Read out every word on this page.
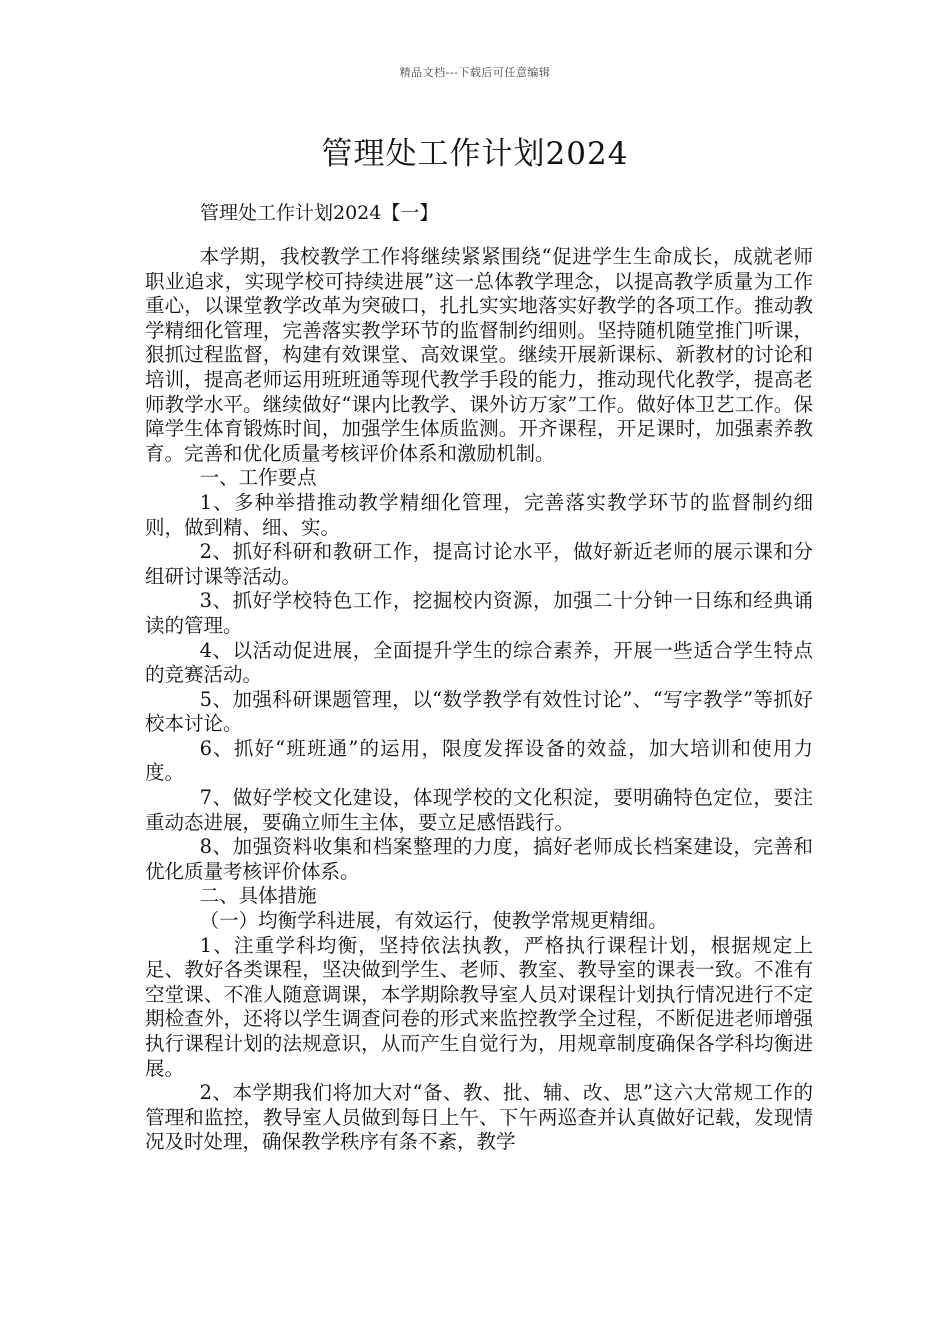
精品文档---下载后可任意编辑
管理处工作计划2024
管理处工作计划2024【一】

本学期，我校教学工作将继续紧紧围绕“促进学生生命成长，成就老师职业追求，实现学校可持续进展”这一总体教学理念，以提高教学质量为工作重心，以课堂教学改革为突破口，扎扎实实地落实好教学的各项工作。推动教学精细化管理，完善落实教学环节的监督制约细则。坚持随机随堂推门听课，狠抓过程监督，构建有效课堂、高效课堂。继续开展新课标、新教材的讨论和培训，提高老师运用班班通等现代教学手段的能力，推动现代化教学，提高老师教学水平。继续做好“课内比教学、课外访万家”工作。做好体卫艺工作。保障学生体育锻炼时间，加强学生体质监测。开齐课程，开足课时，加强素养教育。完善和优化质量考核评价体系和激励机制。

一、工作要点

1、多种举措推动教学精细化管理，完善落实教学环节的监督制约细则，做到精、细、实。

2、抓好科研和教研工作，提高讨论水平，做好新近老师的展示课和分组研讨课等活动。

3、抓好学校特色工作，挖掘校内资源，加强二十分钟一日练和经典诵读的管理。

4、以活动促进展，全面提升学生的综合素养，开展一些适合学生特点的竞赛活动。

5、加强科研课题管理，以“数学教学有效性讨论”、“写字教学”等抓好校本讨论。

6、抓好“班班通”的运用，限度发挥设备的效益，加大培训和使用力度。

7、做好学校文化建设，体现学校的文化积淀，要明确特色定位，要注重动态进展，要确立师生主体，要立足感悟践行。

8、加强资料收集和档案整理的力度，搞好老师成长档案建设，完善和优化质量考核评价体系。

二、具体措施

（一）均衡学科进展，有效运行，使教学常规更精细。

1、注重学科均衡，坚持依法执教，严格执行课程计划，根据规定上足、教好各类课程，坚决做到学生、老师、教室、教导室的课表一致。不准有空堂课、不准人随意调课，本学期除教导室人员对课程计划执行情况进行不定期检查外，还将以学生调查问卷的形式来监控教学全过程，不断促进老师增强执行课程计划的法规意识，从而产生自觉行为，用规章制度确保各学科均衡进展。

2、本学期我们将加大对“备、教、批、辅、改、思”这六大常规工作的管理和监控，教导室人员做到每日上午、下午两巡查并认真做好记载，发现情况及时处理，确保教学秩序有条不紊，教学
